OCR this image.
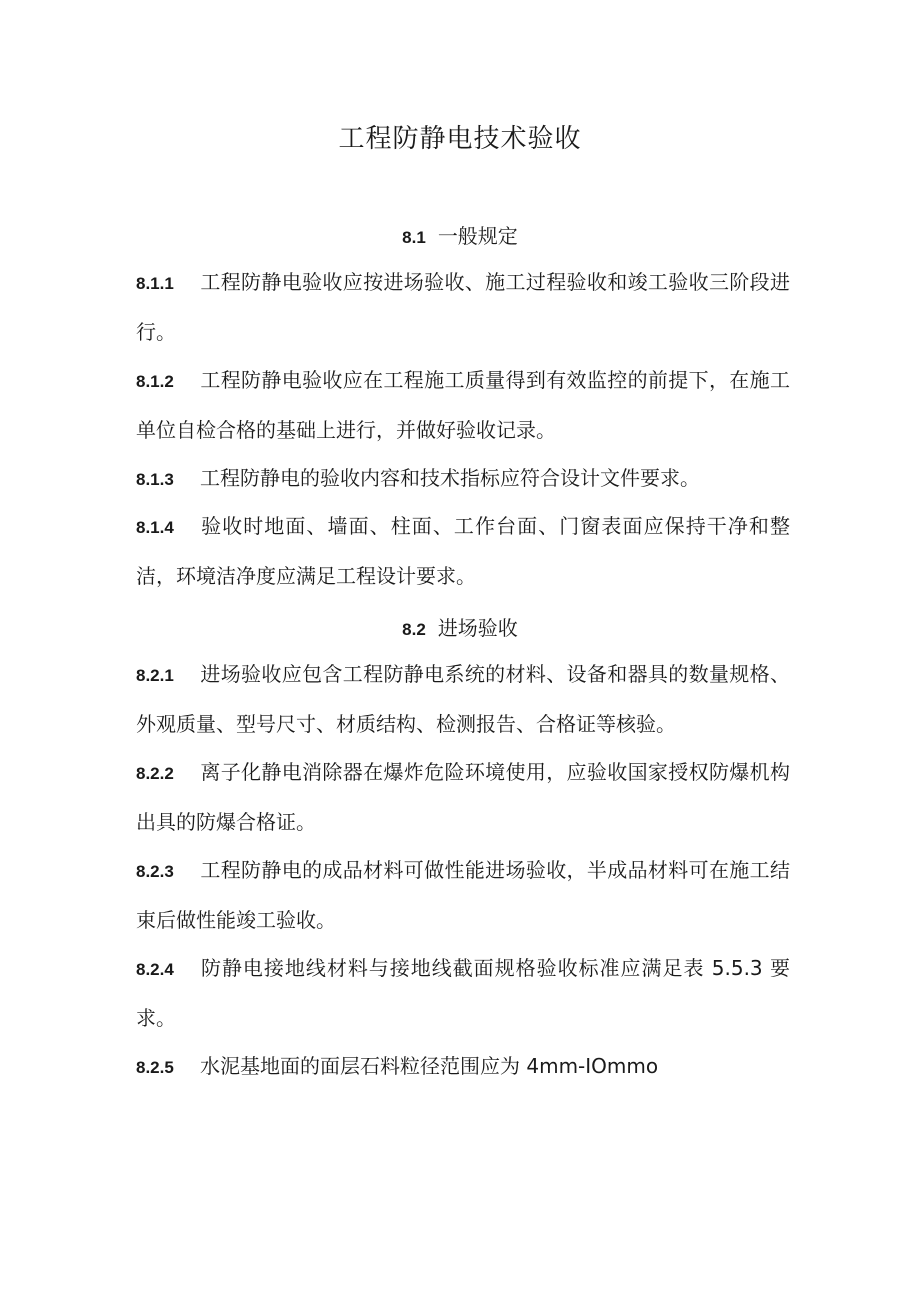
工程防静电技术验收
8.1 一般规定

8.1.1 工程防静电验收应按进场验收、施工过程验收和竣工验收三阶段进行。

8.1.2 工程防静电验收应在工程施工质量得到有效监控的前提下，在施工单位自检合格的基础上进行，并做好验收记录。

8.1.3 工程防静电的验收内容和技术指标应符合设计文件要求。

8.1.4 验收时地面、墙面、柱面、工作台面、门窗表面应保持干净和整洁，环境洁净度应满足工程设计要求。

8.2 进场验收

8.2.1 进场验收应包含工程防静电系统的材料、设备和器具的数量规格、外观质量、型号尺寸、材质结构、检测报告、合格证等核验。

8.2.2 离子化静电消除器在爆炸危险环境使用，应验收国家授权防爆机构出具的防爆合格证。

8.2.3 工程防静电的成品材料可做性能进场验收，半成品材料可在施工结束后做性能竣工验收。

8.2.4 防静电接地线材料与接地线截面规格验收标准应满足表 5.5.3 要求。

8.2.5 水泥基地面的面层石料粒径范围应为 4mm-IOmmo
